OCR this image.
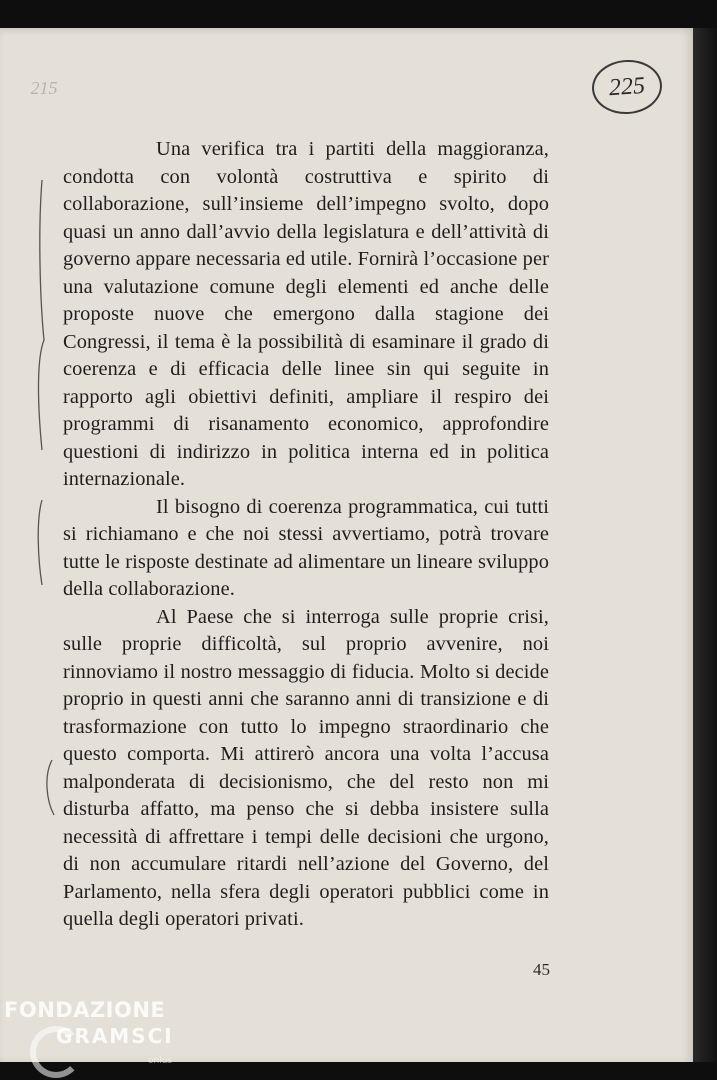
215	225

Una verifica tra i partiti della maggioranza, condotta con volontà costruttiva e spirito di collaborazione, sull’insieme dell’impegno svolto, dopo quasi un anno dall’avvio della legislatura e dell’attività di governo appare necessaria ed utile. Fornirà l’occasione per una valutazione comune degli elementi ed anche delle proposte nuove che emergono dalla stagione dei Congressi, il tema è la possibilità di esaminare il grado di coerenza e di efficacia delle linee sin qui seguite in rapporto agli obiettivi definiti, ampliare il respiro dei programmi di risanamento economico, approfondire questioni di indirizzo in politica interna ed in politica internazionale.

Il bisogno di coerenza programmatica, cui tutti si richiamano e che noi stessi avvertiamo, potrà trovare tutte le risposte destinate ad alimentare un lineare sviluppo della collaborazione.

Al Paese che si interroga sulle proprie crisi, sulle proprie difficoltà, sul proprio avvenire, noi rinnoviamo il nostro messaggio di fiducia. Molto si decide proprio in questi anni che saranno anni di transizione e di trasformazione con tutto lo impegno straordinario che questo comporta. Mi attirerò ancora una volta l’accusa malponderata di decisionismo, che del resto non mi disturba affatto, ma penso che si debba insistere sulla necessità di affrettare i tempi delle decisioni che urgono, di non accumulare ritardi nell’azione del Governo, del Parlamento, nella sfera degli operatori pubblici come in quella degli operatori privati.

45
FONDAZIONE
GRAMSCI
onlus
